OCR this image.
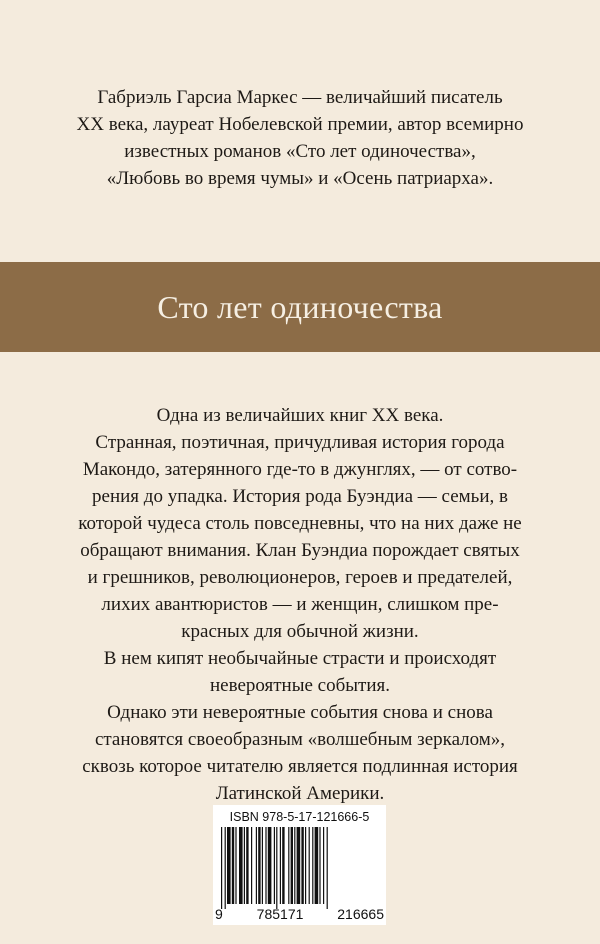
Габриэль Гарсиа Маркес — величайший писатель
XX века, лауреат Нобелевской премии, автор всемирно
известных романов «Сто лет одиночества»,
«Любовь во время чумы» и «Осень патриарха».
Сто лет одиночества
Одна из величайших книг XX века.
Странная, поэтичная, причудливая история города
Макондо, затерянного где-то в джунглях, — от сотво-
рения до упадка. История рода Буэндиа — семьи, в
которой чудеса столь повседневны, что на них даже не
обращают внимания. Клан Буэндиа порождает святых
и грешников, революционеров, героев и предателей,
лихих авантюристов — и женщин, слишком пре-
красных для обычной жизни.
В нем кипят необычайные страсти и происходят
невероятные события.
Однако эти невероятные события снова и снова
становятся своеобразным «волшебным зеркалом»,
сквозь которое читателю является подлинная история
Латинской Америки.
ISBN 978-5-17-121666-5
9 785171 216665
